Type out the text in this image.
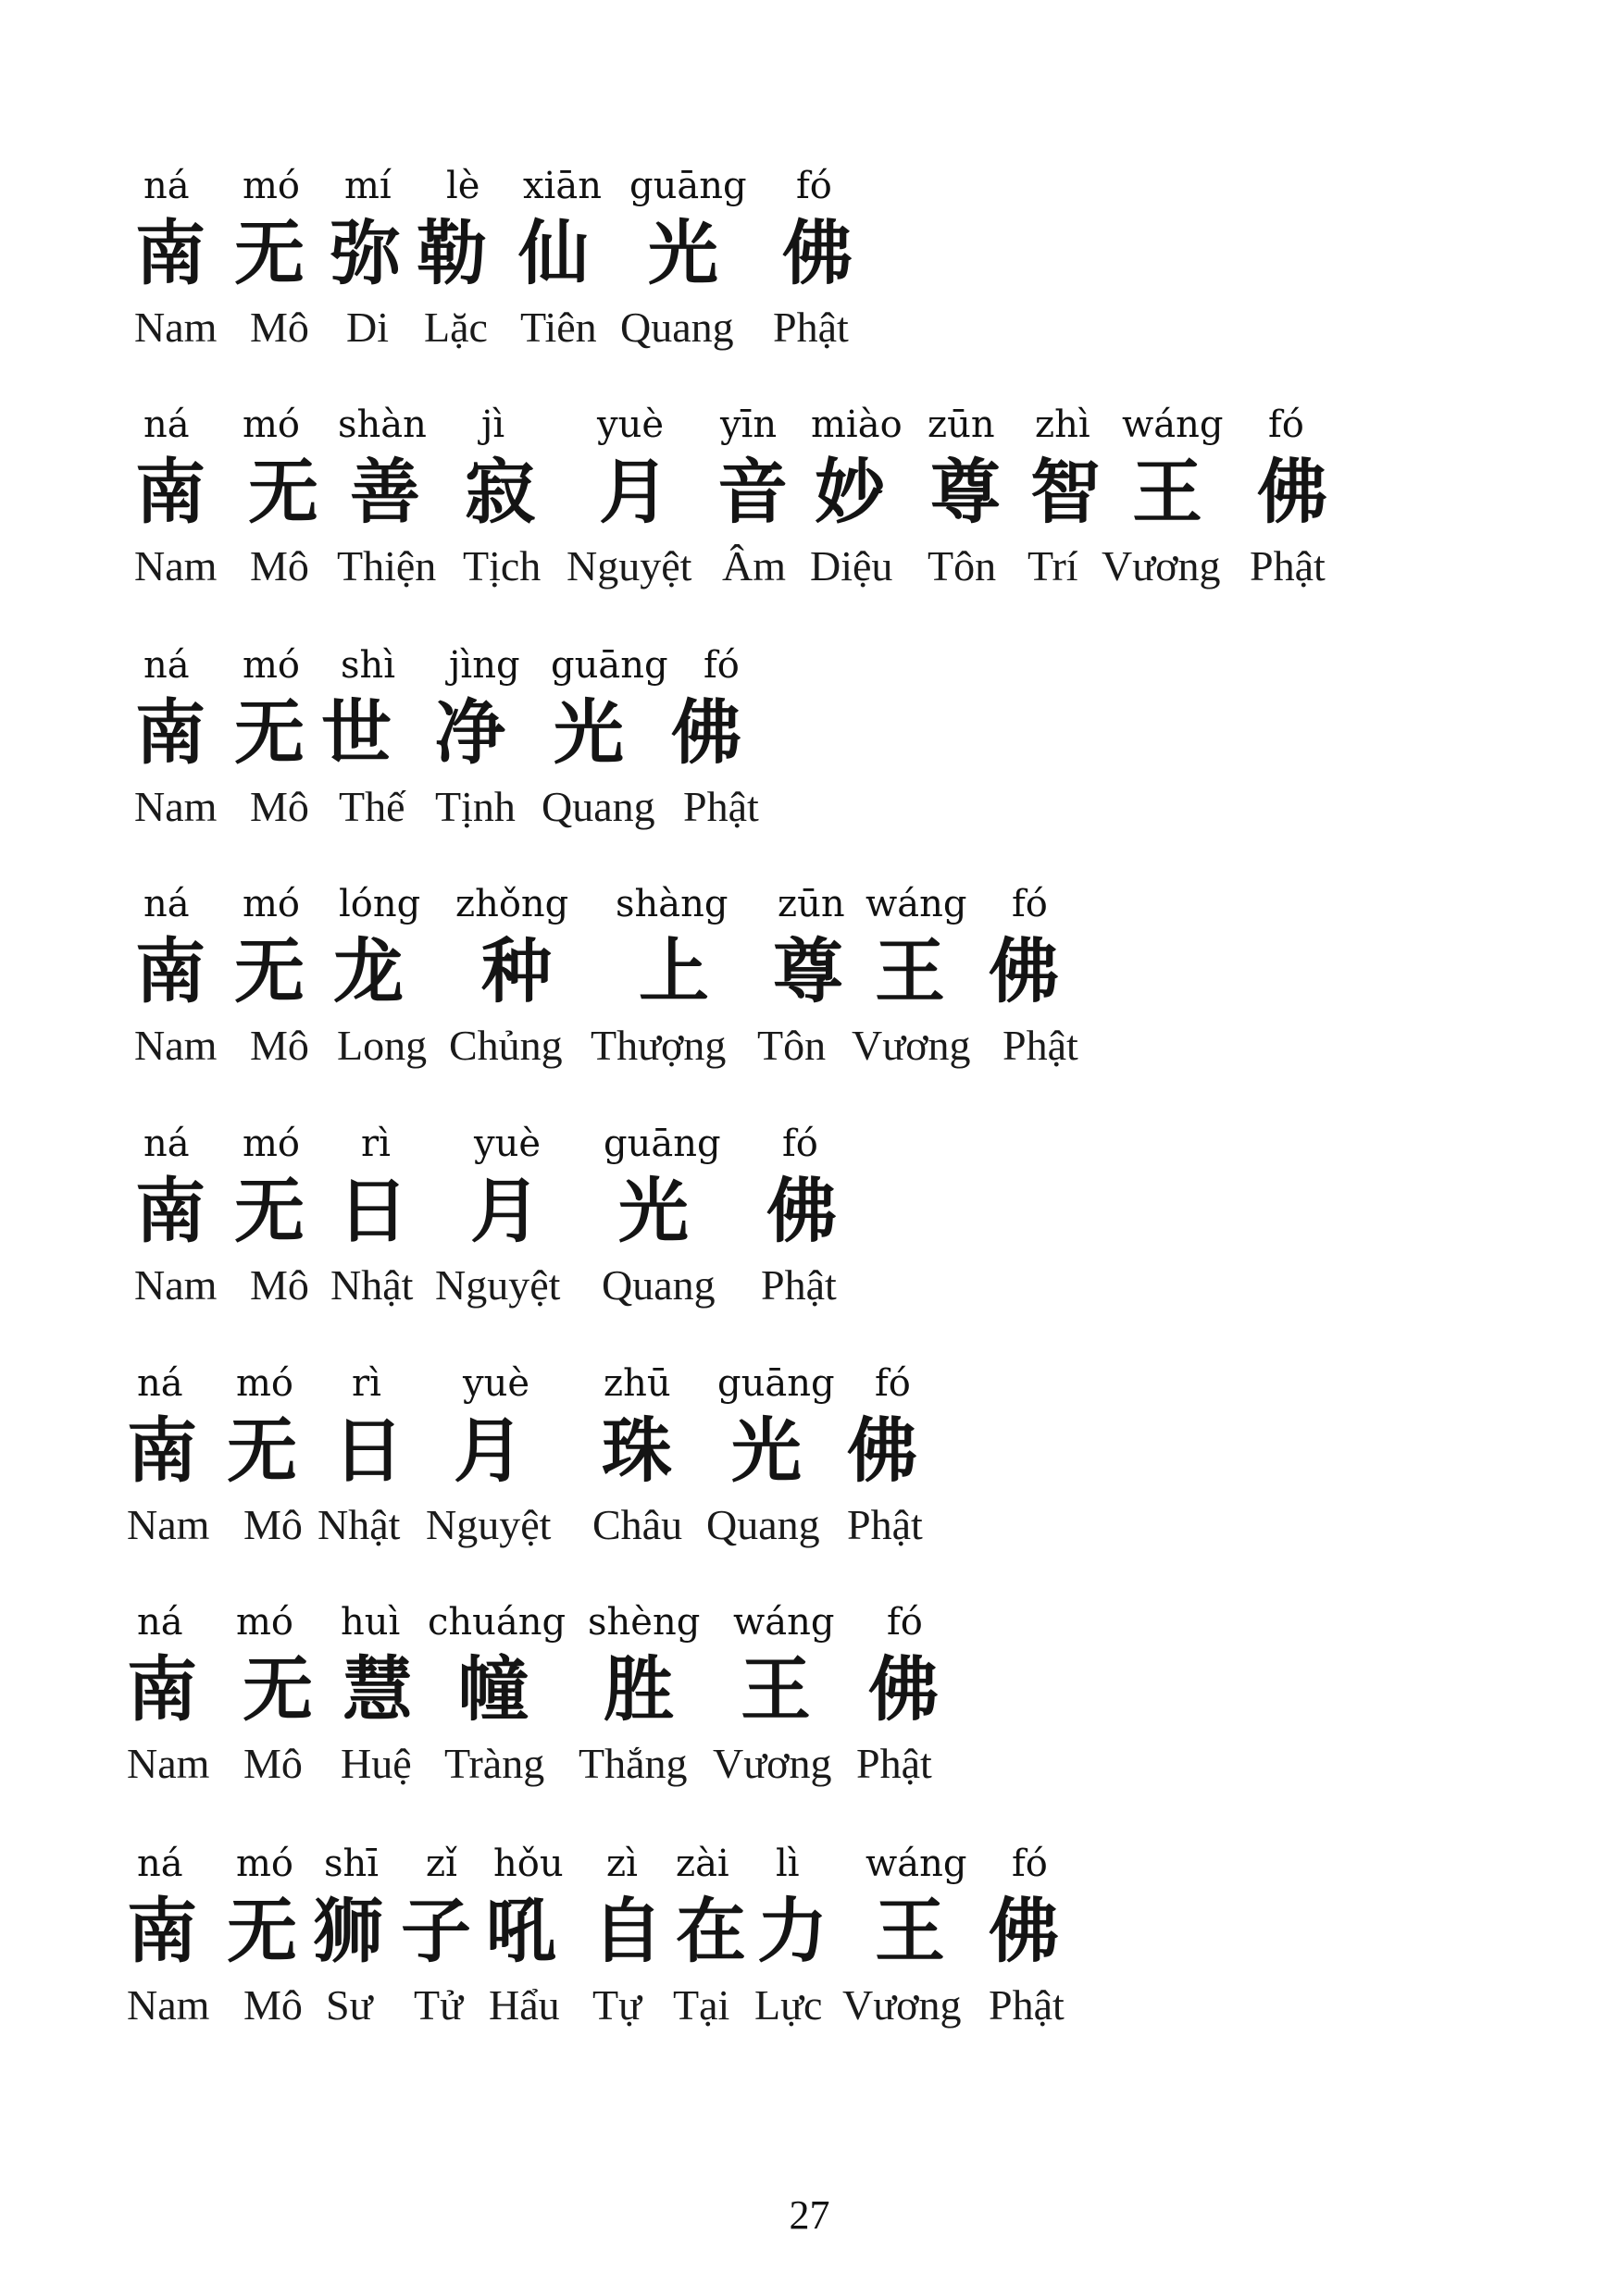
ná mó mí lè xiān guāng fó
南 无 弥 勒 仙 光 佛
Nam Mô Di Lặc Tiên Quang Phật
ná mó shàn jì yuè yīn miào zūn zhì wáng fó
南 无 善 寂 月 音 妙 尊 智 王 佛
Nam Mô Thiện Tịch Nguyệt Âm Diệu Tôn Trí Vương Phật
ná mó shì jìng guāng fó
南 无 世 净 光 佛
Nam Mô Thế Tịnh Quang Phật
ná mó lóng zhǒng shàng zūn wáng fó
南 无 龙 种 上 尊 王 佛
Nam Mô Long Chủng Thượng Tôn Vương Phật
ná mó rì yuè guāng fó
南 无 日 月 光 佛
Nam Mô Nhật Nguyệt Quang Phật
ná mó rì yuè zhū guāng fó
南 无 日 月 珠 光 佛
Nam Mô Nhật Nguyệt Châu Quang Phật
ná mó huì chuáng shèng wáng fó
南 无 慧 幢 胜 王 佛
Nam Mô Huệ Tràng Thắng Vương Phật
ná mó shī zǐ hǒu zì zài lì wáng fó
南 无 狮 子 吼 自 在 力 王 佛
Nam Mô Sư Tử Hẩu Tự Tại Lực Vương Phật
27
